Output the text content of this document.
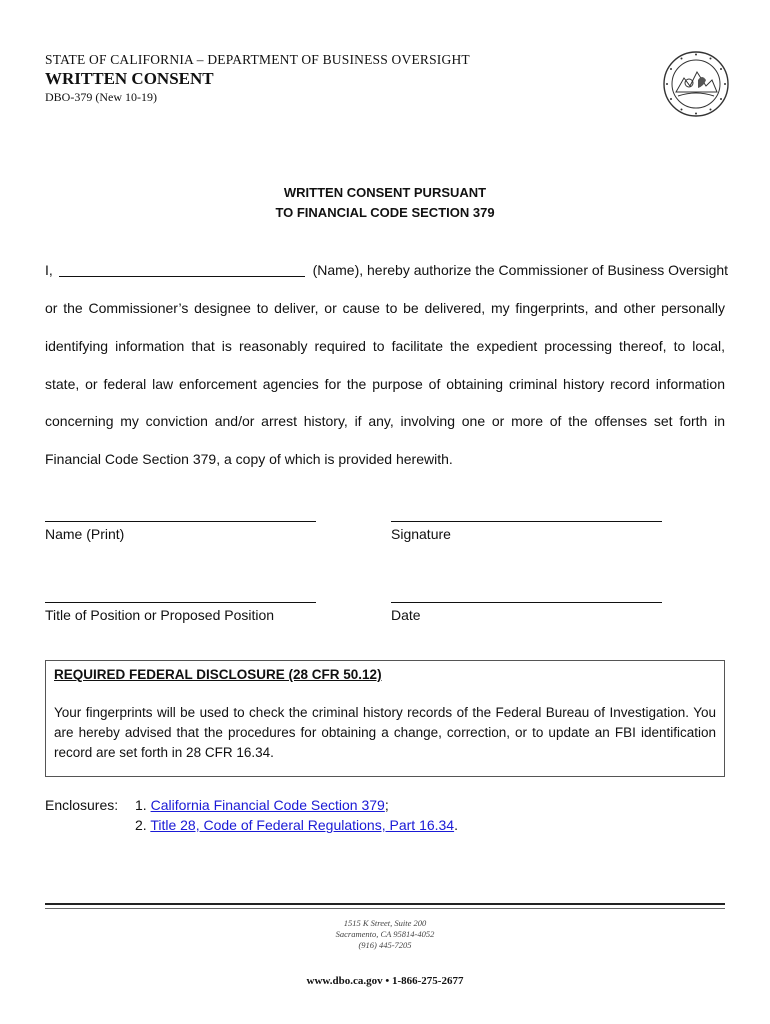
STATE OF CALIFORNIA – DEPARTMENT OF BUSINESS OVERSIGHT
WRITTEN CONSENT
DBO-379 (New 10-19)
WRITTEN CONSENT PURSUANT
TO FINANCIAL CODE SECTION 379
I,	(Name), hereby authorize the Commissioner of Business Oversight
or the Commissioner’s designee to deliver, or cause to be delivered, my fingerprints, and other personally
identifying information that is reasonably required to facilitate the expedient processing thereof, to local,
state, or federal law enforcement agencies for the purpose of obtaining criminal history record information
concerning my conviction and/or arrest history, if any, involving one or more of the offenses set forth in
Financial Code Section 379, a copy of which is provided herewith.
Name (Print)	Signature
Title of Position or Proposed Position	Date
REQUIRED FEDERAL DISCLOSURE (28 CFR 50.12)
Your fingerprints will be used to check the criminal history records of the Federal Bureau of Investigation. You are hereby advised that the procedures for obtaining a change, correction, or to update an FBI identification record are set forth in 28 CFR 16.34.
Enclosures: 1. California Financial Code Section 379;
2. Title 28, Code of Federal Regulations, Part 16.34.
1515 K Street, Suite 200
Sacramento, CA 95814-4052
(916) 445-7205
www.dbo.ca.gov • 1-866-275-2677
